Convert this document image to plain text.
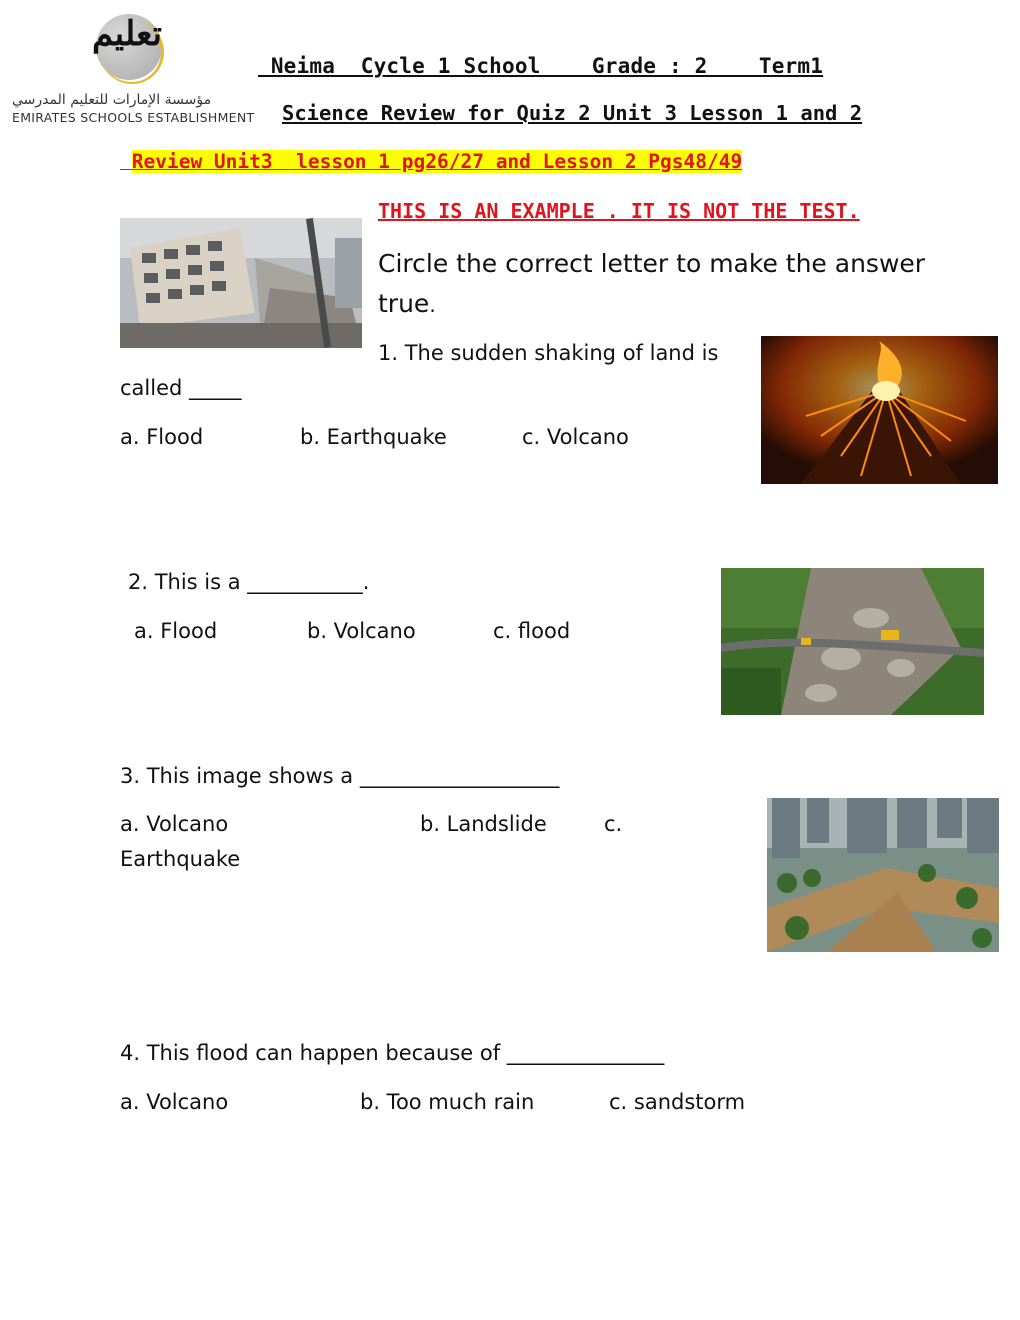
تعليم
مؤسسة الإمارات للتعليم المدرسي
EMIRATES SCHOOLS ESTABLISHMENT
Neima  Cycle 1 School    Grade : 2    Term1
Science Review for Quiz 2 Unit 3 Lesson 1 and 2
Review Unit3  lesson 1 pg26/27 and Lesson 2 Pgs48/49
THIS IS AN EXAMPLE . IT IS NOT THE TEST.
Circle the correct letter to make the answer true.
1. The sudden shaking of land is
called _____
a. Flood	b. Earthquake	c. Volcano
2. This is a ___________.
a. Flood	b. Volcano	c. flood
3. This image shows a ___________________
a. Volcano	b. Landslide	c.
Earthquake
4. This flood can happen because of _______________
a. Volcano	b. Too much rain	c. sandstorm
